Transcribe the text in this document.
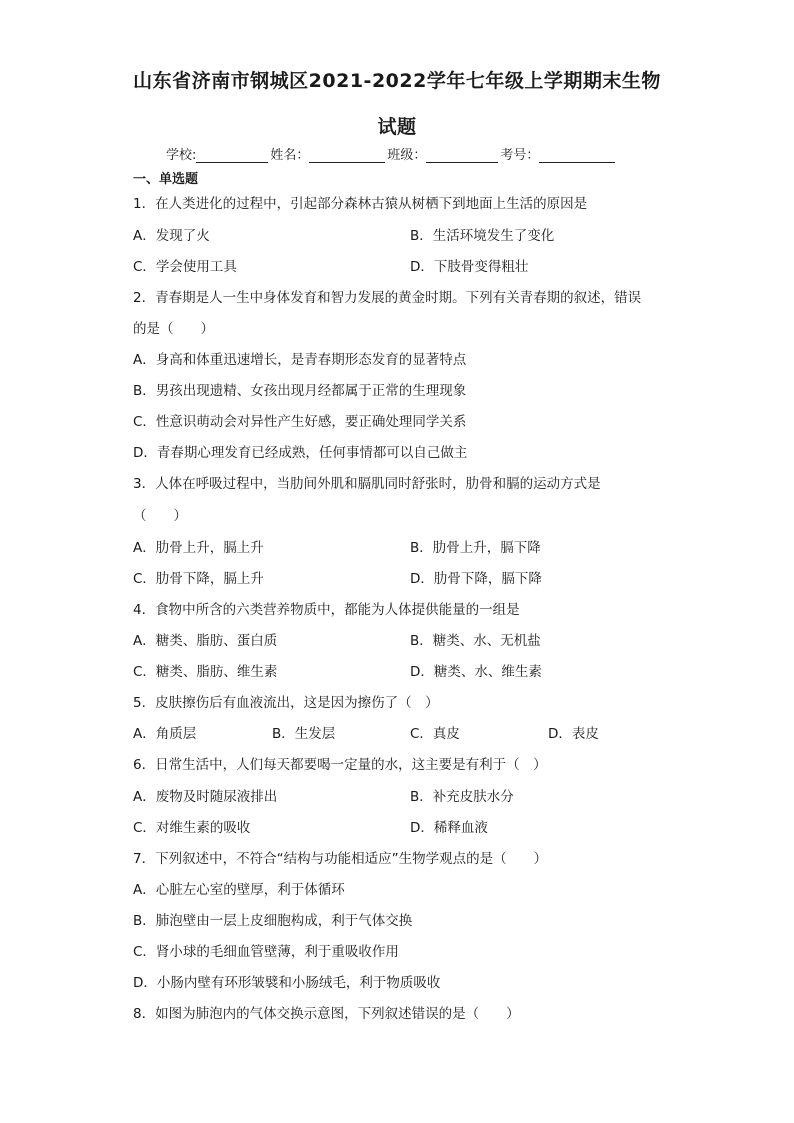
山东省济南市钢城区2021-2022学年七年级上学期期末生物
试题
学校:	姓名：	班级：	考号：
一、单选题
1．在人类进化的过程中，引起部分森林古猿从树栖下到地面上生活的原因是
A．发现了火	B．生活环境发生了变化
C．学会使用工具	D．下肢骨变得粗壮
2．青春期是人一生中身体发育和智力发展的黄金时期。下列有关青春期的叙述，错误
的是（　　）
A．身高和体重迅速增长，是青春期形态发育的显著特点
B．男孩出现遗精、女孩出现月经都属于正常的生理现象
C．性意识萌动会对异性产生好感，要正确处理同学关系
D．青春期心理发育已经成熟，任何事情都可以自己做主
3．人体在呼吸过程中，当肋间外肌和膈肌同时舒张时，肋骨和膈的运动方式是
（　　）
A．肋骨上升，膈上升	B．肋骨上升，膈下降
C．肋骨下降，膈上升	D．肋骨下降，膈下降
4．食物中所含的六类营养物质中，都能为人体提供能量的一组是
A．糖类、脂肪、蛋白质	B．糖类、水、无机盐
C．糖类、脂肪、维生素	D．糖类、水、维生素
5．皮肤擦伤后有血液流出，这是因为擦伤了（　）
A．角质层	B．生发层	C．真皮	D．表皮
6．日常生活中，人们每天都要喝一定量的水，这主要是有利于（　）
A．废物及时随尿液排出	B．补充皮肤水分
C．对维生素的吸收	D．稀释血液
7．下列叙述中，不符合“结构与功能相适应”生物学观点的是（　　）
A．心脏左心室的壁厚，利于体循环
B．肺泡壁由一层上皮细胞构成，利于气体交换
C．肾小球的毛细血管壁薄，利于重吸收作用
D．小肠内壁有环形皱襞和小肠绒毛，利于物质吸收
8．如图为肺泡内的气体交换示意图，下列叙述错误的是（　　）
